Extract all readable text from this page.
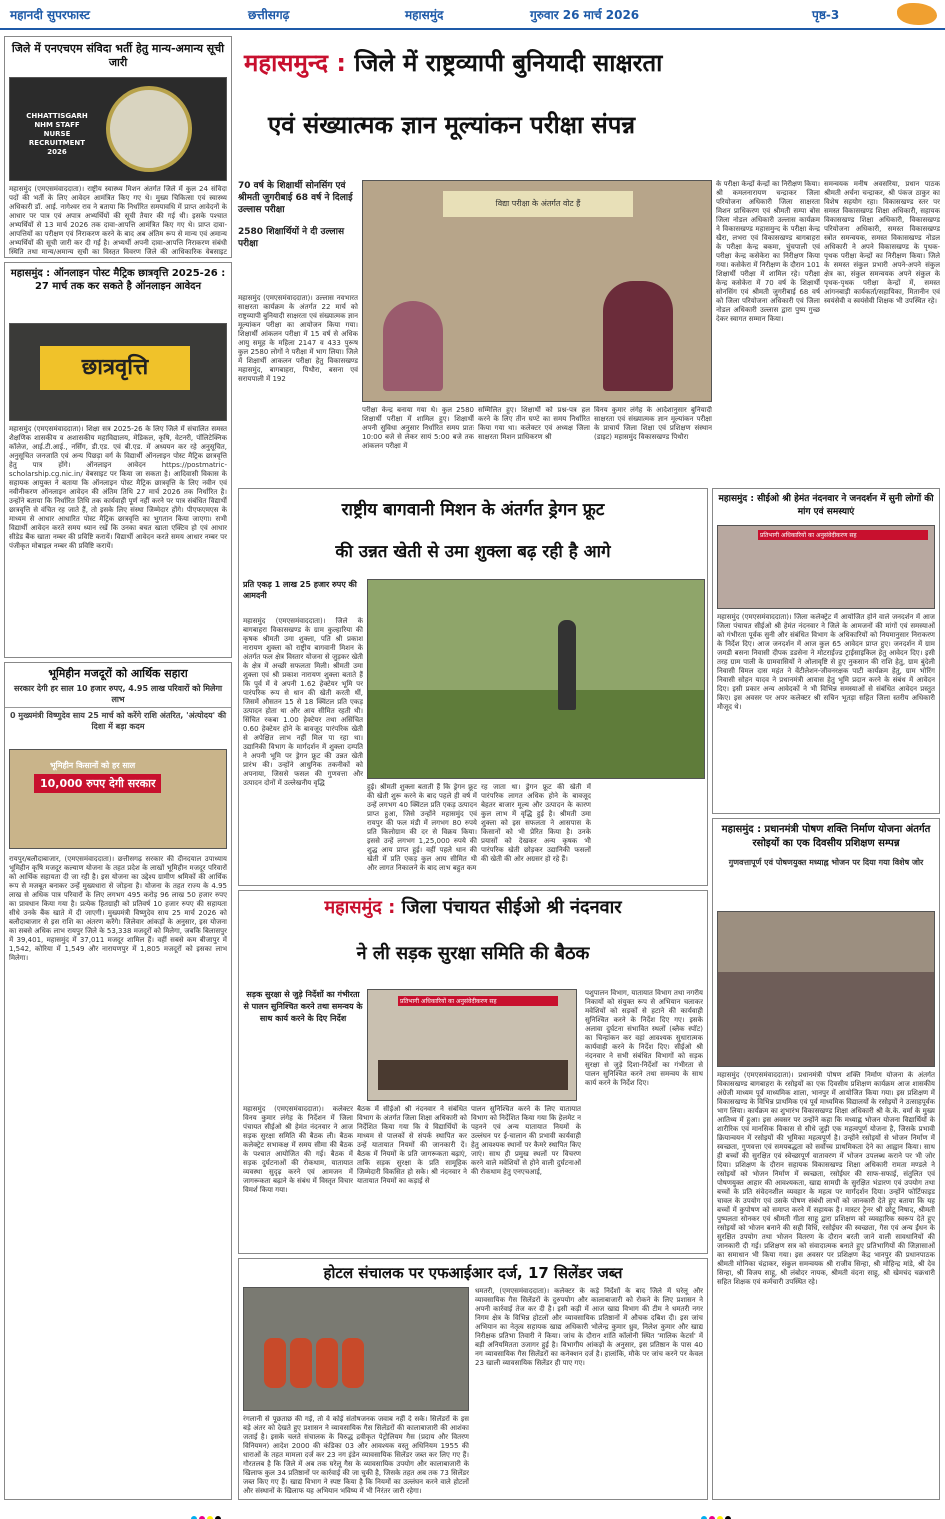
महानदी सुपरफास्ट	छत्तीसगढ़	महासमुंद	गुरुवार 26 मार्च 2026	पृष्ठ-3
जिले में एनएचएम संविदा भर्ती हेतु मान्य-अमान्य सूची जारी
CHHATTISGARH
NHM STAFF
NURSE
RECRUITMENT
2026
महासमुंद (एमएसमंवाददाता)। राष्ट्रीय स्वास्थ्य मिशन अंतर्गत जिले में कुल 24 संविदा पदों की भर्ती के लिए आवेदन आमंत्रित किए गए थे। मुख्य चिकित्सा एवं स्वास्थ्य अधिकारी डॉ. आई. नागेश्वर राव ने बताया कि निर्धारित समयावधि में प्राप्त आवेदनों के आधार पर पात्र एवं अपात्र अभ्यर्थियों की सूची तैयार की गई थी। इसके पश्चात अभ्यर्थियों से 13 मार्च 2026 तक दावा-आपत्ति आमंत्रित किए गए थे। प्राप्त दावा-आपत्तियों का परीक्षण एवं निराकरण करने के बाद अब अंतिम रूप से मान्य एवं अमान्य अभ्यर्थियों की सूची जारी कर दी गई है। अभ्यर्थी अपनी दावा-आपत्ति निराकरण संबंधी स्थिति तथा मान्य/अमान्य सूची का विस्तृत विवरण जिले की आधिकारिक वेबसाइट
महासमुंद : ऑनलाइन पोस्ट मैट्रिक छात्रवृत्ति 2025-26 : 27 मार्च तक कर सकते है ऑनलाइन आवेदन
छात्रवृत्ति
महासमुंद (एमएसमंवाददाता)। शिक्षा सत्र 2025-26 के लिए जिले में संचालित समस्त शैक्षणिक शासकीय व अशासकीय महाविद्यालय, मेडिकल, कृषि, वेटनरी, पॉलिटेक्निक कॉलेज, आई.टी.आई., नर्सिंग, डी.एड. एवं बी.एड. में अध्ययन कर रहे अनुसूचित, अनुसूचित जनजाति एवं अन्य पिछड़ा वर्ग के विद्यार्थी ऑनलाइन पोस्ट मैट्रिक छात्रवृत्ति हेतु पात्र होंगे। ऑनलाइन आवेदन https://postmatric-scholarship.cg.nic.in/ वेबसाइट पर किया जा सकता है। आदिवासी विकास के सहायक आयुक्त ने बताया कि ऑनलाइन पोस्ट मैट्रिक छात्रवृत्ति के लिए नवीन एवं नवीनीकरण ऑनलाइन आवेदन की अंतिम तिथि 27 मार्च 2026 तक निर्धारित है। उन्होंने बताया कि निर्धारित तिथि तक कार्यवाही पूर्ण नहीं करने पर पात्र संबंधित विद्यार्थी छात्रवृत्ति से वंचित रह जाते हैं, तो इसके लिए संस्था जिम्मेदार होंगे। पीएफएमएस के माध्यम से आधार आधारित पोस्ट मैट्रिक छात्रवृत्ति का भुगतान किया जाएगा। सभी विद्यार्थी आवेदन करते समय ध्यान रखें कि उनका बचत खाता एक्टिव हो एवं आधार सीडेड बैंक खाता नम्बर की प्रविष्टि करायें। विद्यार्थी आवेदन करते समय आधार नम्बर पर पंजीकृत मोबाइल नम्बर की प्रविष्टि करायें।
भूमिहीन मजदूरों को आर्थिक सहारा
सरकार देगी हर साल 10 हजार रुपए, 4.95 लाख परिवारों को मिलेगा लाभ
0 मुख्यमंत्री विष्णुदेव साय 25 मार्च को करेंगे राशि अंतरित, 'अंत्योदय' की दिशा में बड़ा कदम
भूमिहीन किसानों को हर साल
10,000 रुपए देगी सरकार
रायपुर/बलौदाबाजार, (एमएसमंवाददाता)। छत्तीसगढ़ सरकार की दीनदयाल उपाध्याय भूमिहीन कृषि मजदूर कल्याण योजना के तहत प्रदेश के लाखों भूमिहीन मजदूर परिवारों को आर्थिक सहायता दी जा रही है। इस योजना का उद्देश्य ग्रामीण श्रमिकों की आर्थिक रूप से मजबूत बनाकर उन्हें मुख्यधारा से जोड़ना है। योजना के तहत राज्य के 4.95 लाख से अधिक पात्र परिवारों के लिए लगभग 495 करोड़ 96 लाख 50 हजार रुपए का प्रावधान किया गया है। प्रत्येक हितग्राही को प्रतिवर्ष 10 हजार रुपए की सहायता सीधे उनके बैंक खाते में दी जाएगी। मुख्यमंत्री विष्णुदेव साय 25 मार्च 2026 को बलौदाबाजार से इस राशि का अंतरण करेंगे। जिलेवार आंकड़ों के अनुसार, इस योजना का सबसे अधिक लाभ रायपुर जिले के 53,338 मजदूरों को मिलेगा, जबकि बिलासपुर में 39,401, महासमुंद में 37,011 मजदूर शामिल हैं। वहीं सबसे कम बीजापुर में 1,542, कोरिया में 1,549 और नारायणपुर में 1,805 मजदूरों को इसका लाभ मिलेगा।
महासमुन्द : जिले में राष्ट्रव्यापी बुनियादी साक्षरता
एवं संख्यात्मक ज्ञान मूल्यांकन परीक्षा संपन्न
70 वर्ष के शिक्षार्थी सोनसिंग एवं श्रीमती जुगरीबाई 68 वर्ष ने दिलाई उल्लास परीक्षा
2580 शिक्षार्थियों ने दी उल्लास परीक्षा
महासमुंद (एमएसमंवाददाता)। उल्लास नवभारत साक्षरता कार्यक्रम के अंतर्गत 22 मार्च को राष्ट्रव्यापी बुनियादी साक्षरता एवं संख्यात्मक ज्ञान मूल्यांकन परीक्षा का आयोजन किया गया। शिक्षार्थी आंकलन परीक्षा में 15 वर्ष से अधिक आयु समूह के महिला 2147 व 433 पुरूष कुल 2580 लोगों ने परीक्षा में भाग लिया। जिले में शिक्षार्थी आकलन परीक्षा हेतु विकासखण्ड महासमुंद, बागबाहरा, पिथौरा, बसना एवं सरायपाली में 192
विद्या परीक्षा के अंतर्गत वोट हैं
परीक्षा केन्द्र बनाया गया थे। कुल 2580 शिक्षार्थी परीक्षा में शामिल हुए। शिक्षार्थी अपनी सुविधा अनुसार निर्धारित समय प्रातः 10:00 बजे से लेकर सायं 5:00 बजे तक आंकलन परीक्षा में
सम्मिलित हुए। शिक्षार्थी को प्रश्न-पत्र हल करने के लिए तीन घण्टे का समय निर्धारित किया गया था। कलेक्टर एवं अध्यक्ष जिला साक्षरता मिशन प्राधिकरण श्री
विनय कुमार लंगेह के आदेशानुसार बुनियादी साक्षरता एवं संख्यात्मक ज्ञान मूल्यांकन परीक्षा के प्राचार्य जिला शिक्षा एवं प्रशिक्षण संस्थान (डाइट) महासमुंद विकासखण्ड पिथौरा
के परीक्षा केन्द्रों केन्द्रों का निरीक्षण किया। श्री कमलनारायण चन्द्राकर जिला परियोजना अधिकारी जिला साक्षरता मिशन प्राधिकरण एवं श्रीमती सम्पा बोस जिला नोडल अधिकारी उल्लास कार्यक्रम ने विकासखण्ड महासमुन्द के परीक्षा केन्द्र खैरा, लभरा एवं विकासखण्ड बागबाहरा के परीक्षा केन्द्र बकमा, चुंचपाली एवं परीक्षा केन्द्र कसेकेरा का निरीक्षण किया गया। कसेकेरा में निरीक्षण के दौरान 101 शिक्षार्थी परीक्षा में शामिल रहे। परीक्षा केन्द्र कसेकेरा में 70 वर्ष के शिक्षार्थी सोनसिंग एवं श्रीमती जुगरीबाई 68 वर्ष को जिला परियोजना अधिकारी एवं जिला नोडल अधिकारी उल्लास द्वारा पुष्प गुच्छ देकर स्वागत सम्मान किया।
समन्वयक मनीष अवसरिया, प्रधान पाठक श्रीमती अर्चना चन्द्राकर, श्री पंकज ठाकुर का विशेष सहयोग रहा। विकासखण्ड स्तर पर समस्त विकासखण्ड शिक्षा अधिकारी, सहायक विकासखण्ड शिक्षा अधिकारी, विकासखण्ड परियोजना अधिकारी, समस्त विकासखण्ड स्त्रोत समन्वयक, समस्त विकासखण्ड नोडल अधिकारी ने अपने विकासखण्ड के पृथक-पृथक परीक्षा केन्द्रों का निरीक्षण किया। जिले के समस्त संकुल प्रभारी अपने-अपने संकुल क्षेत्र का, संकुल समन्वयक अपने संकुल के पृथक-पृथक परीक्षा केन्द्रों में, समस्त आंगनबाड़ी कार्यकर्ता/सहायिका, मितानीन एवं स्वयंसेवी व स्वयंसेवी शिक्षक भी उपस्थित रहे।
राष्ट्रीय बागवानी मिशन के अंतर्गत ड्रेगन फ्रूट
की उन्नत खेती से उमा शुक्ला बढ़ रही है आगे
प्रति एकड़ 1 लाख 25 हजार रुपए की आमदनी
महासमुंद (एमएसमंवाददाता)। जिले के बागबाहरा विकासखण्ड के ग्राम कुल्हारिया की कृषक श्रीमती उमा शुक्ला, पति श्री प्रकाश नारायण शुक्ला को राष्ट्रीय बागवानी मिशन के अंतर्गत फल क्षेत्र विस्तार योजना से जुड़कर खेती के क्षेत्र में अच्छी सफलता मिली। श्रीमती उमा शुक्ला एवं श्री प्रकाश नारायण शुक्ला बताते हैं कि पूर्व में वे अपनी 1.62 हेक्टेयर भूमि पर पारंपरिक रूप से धान की खेती करती थीं, जिसमें औसतन 15 से 18 क्विंटल प्रति एकड़ उत्पादन होता था और आय सीमित रहती थी। सिंचित रकबा 1.00 हेक्टेयर तथा असिंचित 0.60 हेक्टेयर होने के बावजूद पारंपरिक खेती से अपेक्षित लाभ नहीं मिल पा रहा था। उद्यानिकी विभाग के मार्गदर्शन में शुक्ला दम्पति ने अपनी भूमि पर ड्रेगन फ्रूट की उन्नत खेती प्रारंभ की। उन्होंने आधुनिक तकनीकों को अपनाया, जिससे फसल की गुणवत्ता और उत्पादन दोनों में उल्लेखनीय वृद्धि	हुई। श्रीमती शुक्ला बताती हैं कि ड्रेगन फ्रूट की खेती शुरू करने के बाद पहले ही वर्ष में उन्हें लगभग 40 क्विंटल प्रति एकड़ उत्पादन प्राप्त हुआ, जिसे उन्होंने महासमुंद एवं रायपुर की फल मंडी में लगभग 80 रुपये प्रति किलोग्राम की दर से विक्रय किया। इससे उन्हें लगभग 1,25,000 रुपये की शुद्ध आय प्राप्त हुई। वहीं पहले धान की खेती में प्रति एकड़ कुल आय सीमित थी और लागत निकालने के बाद लाभ बहुत कम
रह जाता था। ड्रेगन फ्रूट की खेती में पारंपरिक लागत अधिक होने के बावजूद बेहतर बाजार मूल्य और उत्पादन के कारण कुल लाभ में वृद्धि हुई है। श्रीमती उमा शुक्ला को इस सफलता ने आसपास के किसानों को भी प्रेरित किया है। उनके प्रयासों को देखकर अन्य कृषक भी पारंपरिक खेती छोड़कर उद्यानिकी फसलों की खेती की ओर अग्रसर हो रहे हैं।
महासमुंद : सीईओ श्री हेमंत नंदनवार ने जनदर्शन में सुनी लोगों की मांग एवं समस्याएं
प्रतिभागी अधिकारियों का अनुसंवेदीकरण सह
महासमुंद (एमएसमंवाददाता)। जिला कलेक्ट्रेट में आयोजित होने वाले जनदर्शन में आज जिला पंचायत सीईओ श्री हेमंत नंदनवार ने जिले के आमजनों की मांगों एवं समस्याओं को गंभीरता पूर्वक सुनी और संबंधित विभाग के अधिकारियों को नियमानुसार निराकरण के निर्देश दिए। आज जनदर्शन में आज कुल 65 आवेदन प्राप्त हुए। जनदर्शन में ग्राम जमडी बसना निवासी दीपक डडसेना ने मोटराईज्ड ट्राईसाइकिल हेतु आवेदन दिए। इसी तरह ग्राम पाली के ग्रामवासियों ने ओलावृष्टि से हुए नुकसान की राशि हेतु, ग्राम बुंदेली निवासी विमल दास महंत ने वेंटीलेशन-जीवनरक्षक पाटी कार्यक्रम हेतु, ग्राम भोरिंग निवासी सोहन यादव ने प्रधानमंत्री आवास हेतु भूमि प्रदान करने के संबंध में आवेदन दिए। इसी प्रकार अन्य आवेदकों ने भी विभिन्न समस्याओं से संबंधित आवेदन प्रस्तुत किए। इस अवसर पर अपर कलेक्टर श्री सचिन भूतड़ा सहित जिला स्तरीय अधिकारी मौजूद थे।
महासमुंद : प्रधानमंत्री पोषण शक्ति निर्माण योजना अंतर्गत रसोइयों का एक दिवसीय प्रशिक्षण सम्पन्न
गुणवत्तापूर्ण एवं पोषणयुक्त मध्याह्न भोजन पर दिया गया विशेष जोर
महासमुंद (एमएसमंवाददाता)। प्रधानमंत्री पोषण शक्ति निर्माण योजना के अंतर्गत विकासखण्ड बागबाहरा के रसोइयों का एक दिवसीय प्रशिक्षण कार्यक्रम आज शासकीय अंग्रेजी माध्यम पूर्व माध्यमिक शाला, भानपुर में आयोजित किया गया। इस प्रशिक्षण में विकासखण्ड के विभिन्न प्राथमिक एवं पूर्व माध्यमिक विद्यालयों के रसोइयों ने उत्साहपूर्वक भाग लिया। कार्यक्रम का शुभारंभ विकासखण्ड शिक्षा अधिकारी श्री के.के. वर्मा के मुख्य आतिथ्य में हुआ। इस अवसर पर उन्होंने कहा कि मध्याह्न भोजन योजना विद्यार्थियों के शारीरिक एवं मानसिक विकास से सीधे जुड़ी एक महत्वपूर्ण योजना है, जिसके प्रभावी क्रियान्वयन में रसोइयों की भूमिका महत्वपूर्ण है। उन्होंने रसोइयों से भोजन निर्माण में स्वच्छता, गुणवत्ता एवं समयबद्धता को सर्वोच्च प्राथमिकता देने का आह्वान किया। साथ ही बच्चों की सुरक्षित एवं स्वेच्छापूर्ण वातावरण में भोजन उपलब्ध कराने पर भी जोर दिया। प्रशिक्षण के दौरान सहायक विकासखण्ड शिक्षा अधिकारी रामता मण्डले ने रसोइयों को भोजन निर्माण में स्वच्छता, रसोईघर की साफ-सफाई, संतुलित एवं पोषणयुक्त आहार की आवश्यकता, खाद्य सामग्री के सुरक्षित भंडारण एवं उपयोग तथा बच्चों के प्रति संवेदनशील व्यवहार के महत्व पर मार्गदर्शन दिया। उन्होंने फोर्टिफाइड चावल के उपयोग एवं उसके पोषण संबंधी लाभों को जानकारी देते हुए बताया कि यह बच्चों में कुपोषण को समाप्त करने में सहायक है। मास्टर ट्रेनर श्री छोटू निषाद, श्रीमती पुष्पलता सोनकर एवं श्रीमती गीता साहू द्वारा प्रशिक्षण को व्यवहारिक स्वरूप देते हुए रसोइयों को भोजन बनाने की सही विधि, रसोईघर की स्वच्छता, गैस एवं अन्य ईंधन के सुरक्षित उपयोग तथा भोजन वितरण के दौरान बरती जाने वाली सावधानियों की जानकारी दी गई। प्रशिक्षण सत्र को संवादात्मक बनाते हुए प्रतिभागियों की जिज्ञासाओं का समाधान भी किया गया। इस अवसर पर प्रशिक्षण केंद्र भानपुर की प्रधानपाठक श्रीमती मोनिका चंद्राकर, संकुल समन्वयक श्री राजीव सिन्हा, श्री मोहिन्द्र मांडे, श्री देव सिन्हा, श्री विजय साहू, श्री लंबोदर नायक, श्रीमती वंदना साहू, श्री खेमचंद चक्रधारी सहित शिक्षक एवं कर्मचारी उपस्थित रहे।
महासमुंद : जिला पंचायत सीईओ श्री नंदनवार
ने ली सड़क सुरक्षा समिति की बैठक
सड़क सुरक्षा से जुड़े निर्देशों का गंभीरता से पालन सुनिश्चित करने तथा समन्वय के साथ कार्य करने के दिए निर्देश
प्रतिभागी अधिकारियों का अनुसंवेदीकरण सह
महासमुंद (एमएसमंवाददाता)। कलेक्टर विनय कुमार लंगेह के निर्देशन में जिला पंचायत सीईओ श्री हेमंत नंदनवार ने आज सड़क सुरक्षा समिति की बैठक ली। बैठक कलेक्ट्रेट सभाकक्ष में समय सीमा की बैठक के पश्चात आयोजित की गई। बैठक में सड़क दुर्घटनाओं की रोकथाम, यातायात व्यवस्था सुदृढ़ करने एवं आमजन में जागरूकता बढ़ाने के संबंध में विस्तृत विचार विमर्श किया गया।
बैठक में सीईओ श्री नंदनवार ने संबंधित विभाग के अंतर्गत जिला शिक्षा अधिकारी को निर्देशित किया गया कि वे विद्यार्थियों के माध्यम से पालकों से संपर्क स्थापित कर उन्हें यातायात नियमों की जानकारी दें। बैठक में नियमों के प्रति जागरूकता बढ़ाएं, ताकि सड़क सुरक्षा के प्रति सामूहिक जिम्मेदारी विकसित हो सके। श्री नंदनवार ने यातायात नियमों का कड़ाई से
पालन सुनिश्चित करने के लिए यातायात विभाग को निर्देशित किया गया कि हेलमेट न पहनने एवं अन्य यातायात नियमों के उल्लंघन पर ई-चालान की प्रभावी कार्यवाही हेतु आवश्यक स्थानों पर कैमरे स्थापित किए जाएं। साथ ही प्रमुख स्थलों पर विचरण करने वाले मवेशियों से होने वाली दुर्घटनाओं की रोकथाम हेतु एनएचआई,
पशुपालन विभाग, यातायात विभाग तथा नगरीय निकायों को संयुक्त रूप से अभियान चलाकर मवेशियों को सड़कों से हटाने की कार्यवाही सुनिश्चित करने के निर्देश दिए गए। इसके अलावा दुर्घटना संभावित स्थलों (ब्लैक स्पॉट) का चिन्हांकन कर वहां आवश्यक सुधारात्मक कार्यवाही करने के निर्देश दिए। सीईओ श्री नंदनवार ने सभी संबंधित विभागों को सड़क सुरक्षा से जुड़े दिशा-निर्देशों का गंभीरता से पालन सुनिश्चित करने तथा समन्वय के साथ कार्य करने के निर्देश दिए।
होटल संचालक पर एफआईआर दर्ज, 17 सिलेंडर जब्त
रंगलानी से पूछताछ की गई, तो वे कोई संतोषजनक जवाब नहीं दे सके। सिलेंडरों के इस बड़े अंतर को देखते हुए प्रशासन ने व्यावसायिक गैस सिलेंडरों की कालाबाजारी की आशंका जताई है। इसके चलते संचालक के विरुद्ध द्रवीकृत पेट्रोलियम गैस (प्रदाय और वितरण विनियमन) आदेश 2000 की कंडिका 03 और आवश्यक वस्तु अधिनियम 1955 की धाराओं के तहत मामला दर्ज कर 23 नग इंडेन व्यावसायिक सिलेंडर जब्त कर लिए गए हैं। गौरतलब है कि जिले में अब तक घरेलू गैस के व्यावसायिक उपयोग और कालाबाजारी के खिलाफ कुल 34 प्रतिष्ठानों पर कार्रवाई की जा चुकी है, जिसके तहत अब तक 73 सिलेंडर जब्त किए गए हैं। खाद्य विभाग ने स्पष्ट किया है कि नियमों का उल्लंघन करने वाले होटलों और संस्थानों के खिलाफ यह अभियान भविष्य में भी निरंतर जारी रहेगा।
धमतरी, (एमएसमंवाददाता)। कलेक्टर के कड़े निर्देशों के बाद जिले में घरेलू और व्यावसायिक गैस सिलेंडरों के दुरुपयोग और कालाबाजारी को रोकने के लिए प्रशासन ने अपनी कार्रवाई तेज कर दी है। इसी कड़ी में आज खाद्य विभाग की टीम ने धमतरी नगर निगम क्षेत्र के विभिन्न होटलों और व्यावसायिक प्रतिष्ठानों में औचक दबिश दी। इस जांच अभियान का नेतृत्व सहायक खाद्य अधिकारी भोलेन्द्र कुमार ध्रुव, निलेश कुमार और खाद्य निरीक्षक प्रतिभा तिवारी ने किया। जांच के दौरान शांति कॉलोनी स्थित 'मालिक केटर्स' में बड़ी अनियमितता उजागर हुई है। विभागीय आंकड़ों के अनुसार, इस प्रतिष्ठान के पास 40 नग व्यावसायिक गैस सिलेंडरों का कनेक्शन दर्ज है। हालांकि, मौके पर जांच करने पर केवल 23 खाली व्यावसायिक सिलेंडर ही पाए गए।
